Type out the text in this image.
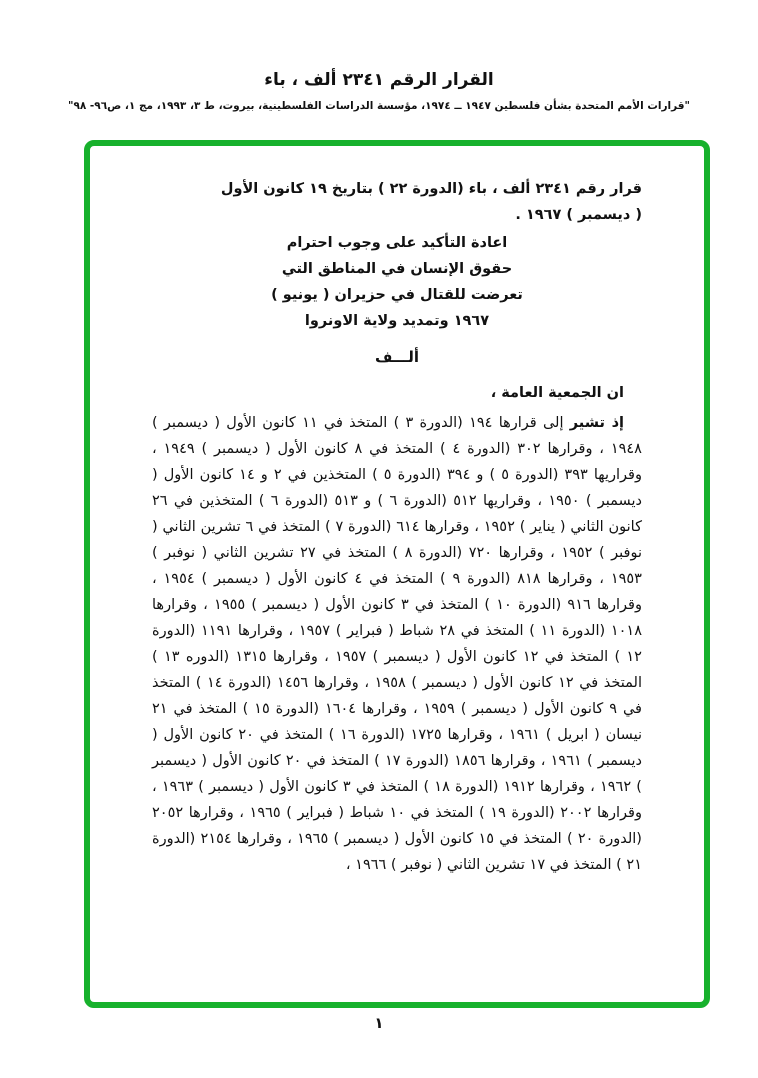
القرار الرقم ٢٣٤١ ألف ، باء
"قرارات الأمم المتحدة بشأن فلسطين ١٩٤٧ ــ ١٩٧٤، مؤسسة الدراسات الفلسطينية، بيروت، ط ٣، ١٩٩٣، مج ١، ص٩٦- ٩٨"
قرار رقم ٢٣٤١ ألف ، باء (الدورة ٢٢ ) بتاريخ ١٩ كانون الأول
( ديسمبر ) ١٩٦٧ .
اعادة التأكيد على وجوب احترام
حقوق الإنسان في المناطق التي
تعرضت للقتال في حزيران ( يونيو )
١٩٦٧ وتمديد ولاية الاونروا
ألـــف
ان الجمعية العامة ،

إذ تشير إلى قرارها ١٩٤ (الدورة ٣ ) المتخذ في ١١ كانون الأول ( ديسمبر ) ١٩٤٨ ، وقرارها ٣٠٢ (الدورة ٤ ) المتخذ في ٨ كانون الأول ( ديسمبر ) ١٩٤٩ ، وقراريها ٣٩٣ (الدورة ٥ ) و ٣٩٤ (الدورة ٥ ) المتخذين في ٢ و ١٤ كانون الأول ( ديسمبر ) ١٩٥٠ ، وقراريها ٥١٢ (الدورة ٦ ) و ٥١٣ (الدورة ٦ ) المتخذين في ٢٦ كانون الثاني ( يناير ) ١٩٥٢ ، وقرارها ٦١٤ (الدورة ٧ ) المتخذ في ٦ تشرين الثاني ( نوفبر ) ١٩٥٢ ، وقرارها ٧٢٠ (الدورة ٨ ) المتخذ في ٢٧ تشرين الثاني ( نوفبر ) ١٩٥٣ ، وقرارها ٨١٨ (الدورة ٩ ) المتخذ في ٤ كانون الأول ( ديسمبر ) ١٩٥٤ ، وقرارها ٩١٦ (الدورة ١٠ ) المتخذ في ٣ كانون الأول ( ديسمبر ) ١٩٥٥ ، وقرارها ١٠١٨ (الدورة ١١ ) المتخذ في ٢٨ شباط ( فبراير ) ١٩٥٧ ، وقرارها ١١٩١ (الدورة ١٢ ) المتخذ في ١٢ كانون الأول ( ديسمبر ) ١٩٥٧ ، وقرارها ١٣١٥ (الدوره ١٣ ) المتخذ في ١٢ كانون الأول ( ديسمبر ) ١٩٥٨ ، وقرارها ١٤٥٦ (الدورة ١٤ ) المتخذ في ٩ كانون الأول ( ديسمبر ) ١٩٥٩ ، وقرارها ١٦٠٤ (الدورة ١٥ ) المتخذ في ٢١ نيسان ( ابريل ) ١٩٦١ ، وقرارها ١٧٢٥ (الدورة ١٦ ) المتخذ في ٢٠ كانون الأول ( ديسمبر ) ١٩٦١ ، وقرارها ١٨٥٦ (الدورة ١٧ ) المتخذ في ٢٠ كانون الأول ( ديسمبر ) ١٩٦٢ ، وقرارها ١٩١٢ (الدورة ١٨ ) المتخذ في ٣ كانون الأول ( ديسمبر ) ١٩٦٣ ، وقرارها ٢٠٠٢ (الدورة ١٩ ) المتخذ في ١٠ شباط ( فبراير ) ١٩٦٥ ، وقرارها ٢٠٥٢ (الدورة ٢٠ ) المتخذ في ١٥ كانون الأول ( ديسمبر ) ١٩٦٥ ، وقرارها ٢١٥٤ (الدورة ٢١ ) المتخذ في ١٧ تشرين الثاني ( نوفبر ) ١٩٦٦ ،

١
